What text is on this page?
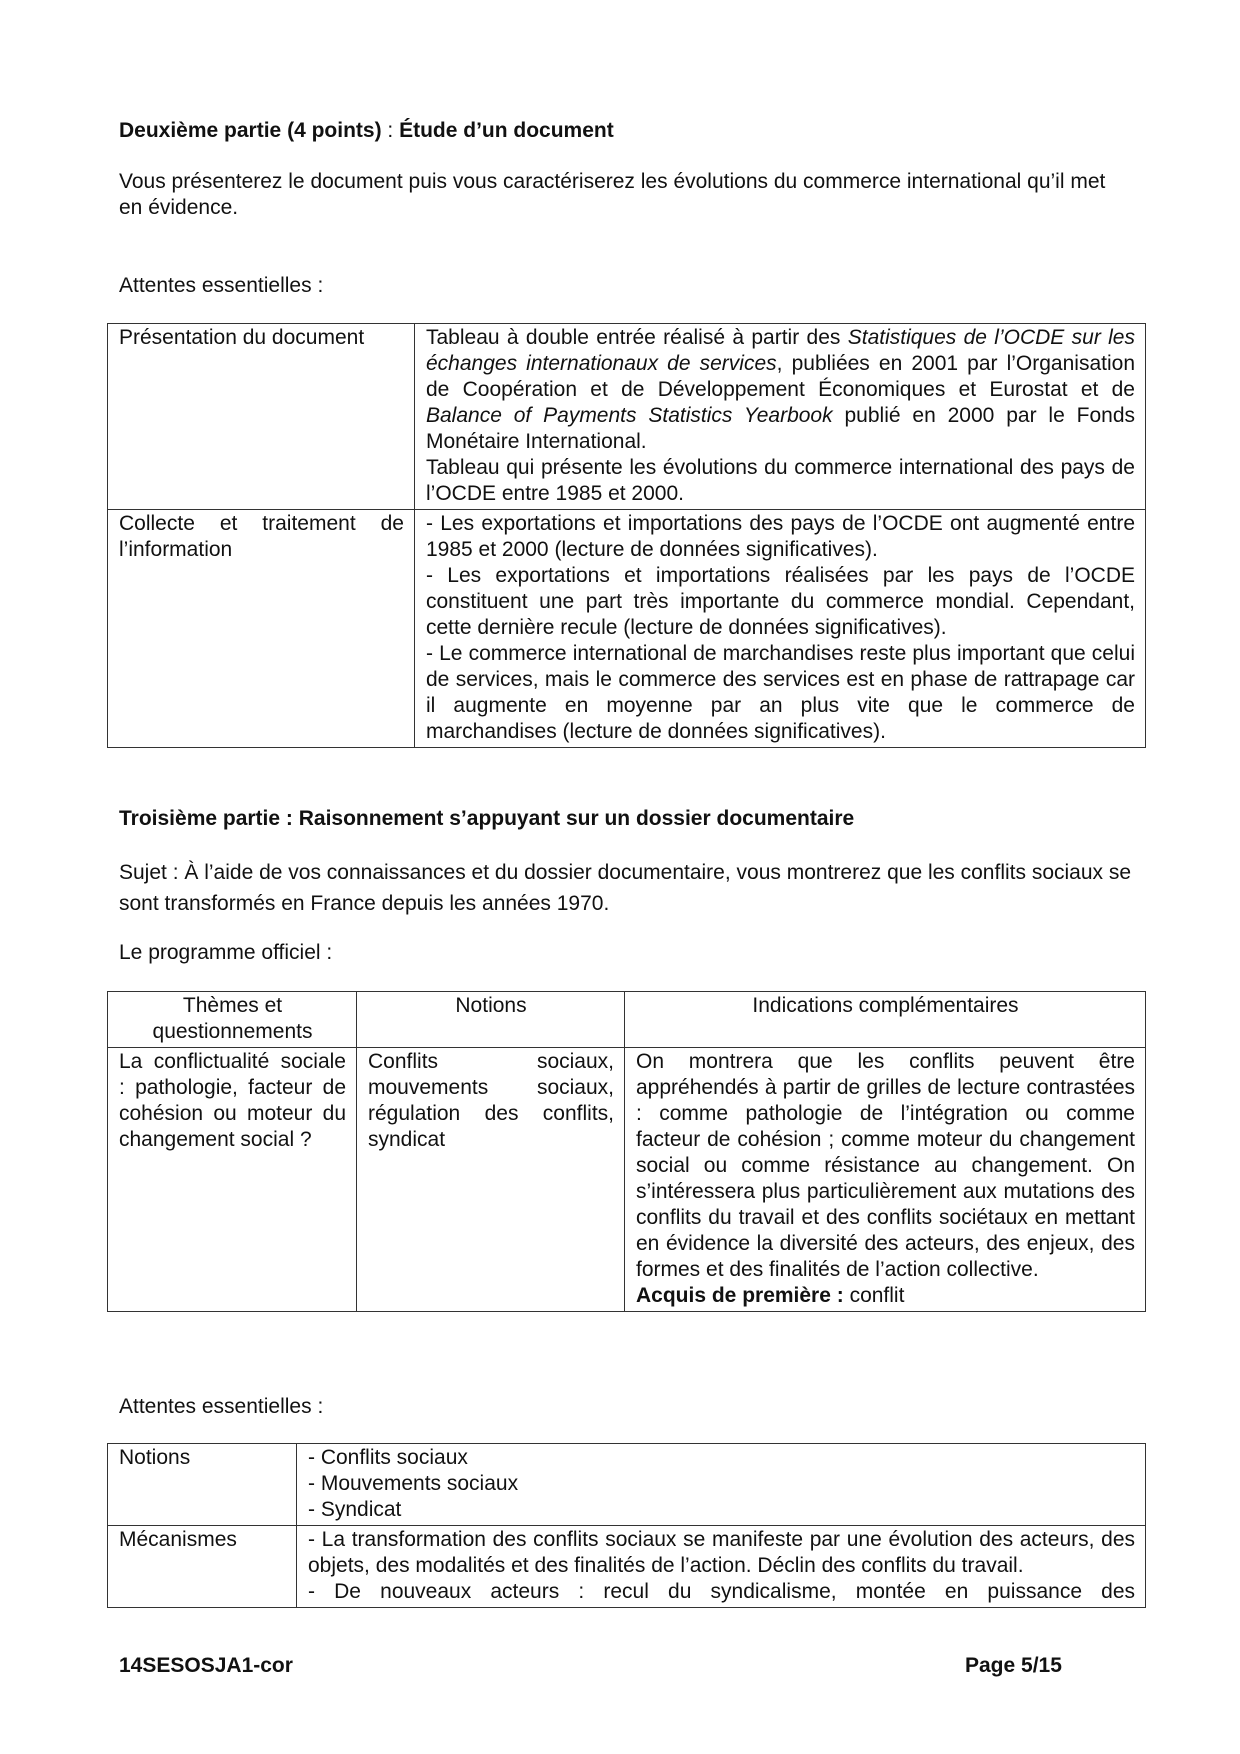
Deuxième partie (4 points) : Étude d’un document

Vous présenterez le document puis vous caractériserez les évolutions du commerce international qu’il met en évidence.

Attentes essentielles :

Présentation du document	Tableau à double entrée réalisé à partir des Statistiques de l’OCDE sur les échanges internationaux de services, publiées en 2001 par l’Organisation de Coopération et de Développement Économiques et Eurostat et de Balance of Payments Statistics Yearbook publié en 2000 par le Fonds Monétaire International.
Tableau qui présente les évolutions du commerce international des pays de l’OCDE entre 1985 et 2000.

Collecte et traitement de l’information	- Les exportations et importations des pays de l’OCDE ont augmenté entre 1985 et 2000 (lecture de données significatives).
- Les exportations et importations réalisées par les pays de l’OCDE constituent une part très importante du commerce mondial. Cependant, cette dernière recule (lecture de données significatives).
- Le commerce international de marchandises reste plus important que celui de services, mais le commerce des services est en phase de rattrapage car il augmente en moyenne par an plus vite que le commerce de marchandises (lecture de données significatives).

Troisième partie : Raisonnement s’appuyant sur un dossier documentaire

Sujet : À l’aide de vos connaissances et du dossier documentaire, vous montrerez que les conflits sociaux se sont transformés en France depuis les années 1970.

Le programme officiel :

Thèmes et questionnements	Notions	Indications complémentaires
La conflictualité sociale : pathologie, facteur de cohésion ou moteur du changement social ?	Conflits sociaux, mouvements sociaux, régulation des conflits, syndicat	On montrera que les conflits peuvent être appréhendés à partir de grilles de lecture contrastées : comme pathologie de l’intégration ou comme facteur de cohésion ; comme moteur du changement social ou comme résistance au changement. On s’intéressera plus particulièrement aux mutations des conflits du travail et des conflits sociétaux en mettant en évidence la diversité des acteurs, des enjeux, des formes et des finalités de l’action collective.
Acquis de première : conflit

Attentes essentielles :

Notions	- Conflits sociaux
- Mouvements sociaux
- Syndicat

Mécanismes	- La transformation des conflits sociaux se manifeste par une évolution des acteurs, des objets, des modalités et des finalités de l’action. Déclin des conflits du travail.
- De nouveaux acteurs : recul du syndicalisme, montée en puissance des
14SESOSJA1-cor	Page 5/15
